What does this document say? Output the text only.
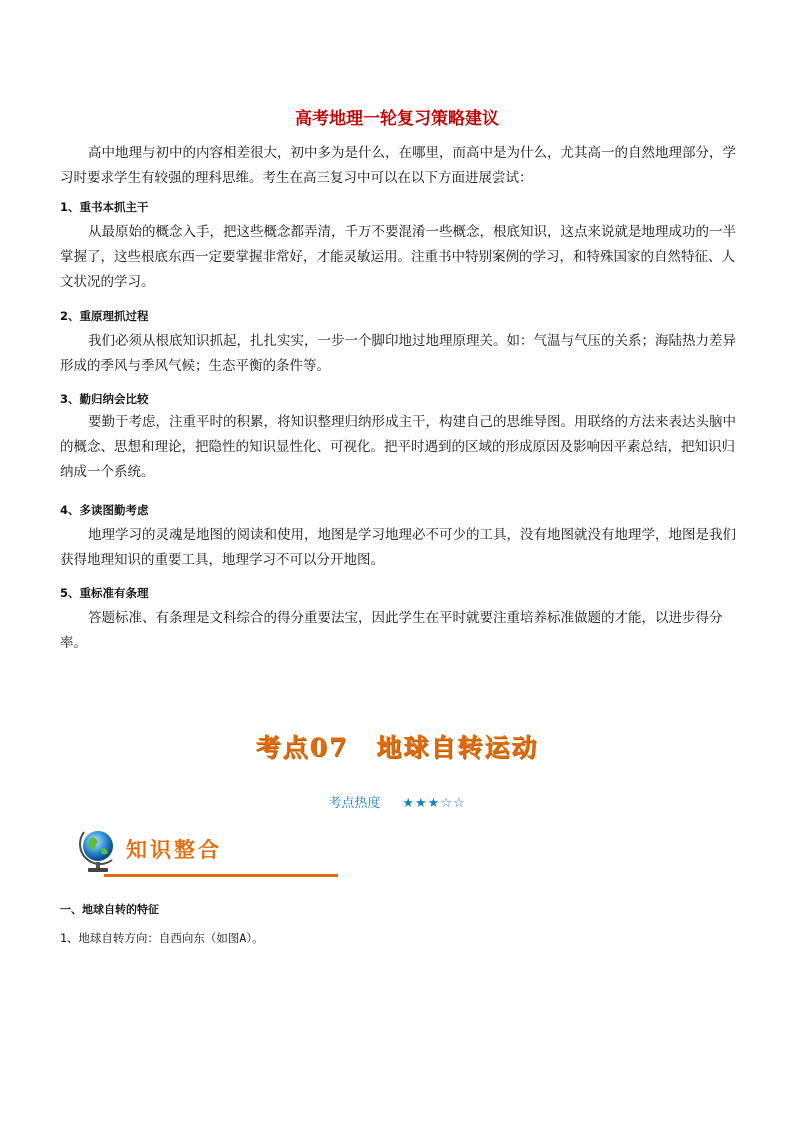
高考地理一轮复习策略建议
高中地理与初中的内容相差很大，初中多为是什么，在哪里，而高中是为什么，尤其高一的自然地理部分，学习时要求学生有较强的理科思维。考生在高三复习中可以在以下方面进展尝试：
1、重书本抓主干
从最原始的概念入手，把这些概念都弄清，千万不要混淆一些概念，根底知识，这点来说就是地理成功的一半掌握了，这些根底东西一定要掌握非常好，才能灵敏运用。注重书中特别案例的学习，和特殊国家的自然特征、人文状况的学习。
2、重原理抓过程
我们必须从根底知识抓起，扎扎实实，一步一个脚印地过地理原理关。如：气温与气压的关系；海陆热力差异形成的季风与季风气候；生态平衡的条件等。
3、勤归纳会比较
要勤于考虑，注重平时的积累，将知识整理归纳形成主干，构建自己的思维导图。用联络的方法来表达头脑中的概念、思想和理论，把隐性的知识显性化、可视化。把平时遇到的区域的形成原因及影响因平素总结，把知识归纳成一个系统。
4、多读图勤考虑
地理学习的灵魂是地图的阅读和使用，地图是学习地理必不可少的工具，没有地图就没有地理学，地图是我们获得地理知识的重要工具，地理学习不可以分开地图。
5、重标准有条理
答题标准、有条理是文科综合的得分重要法宝，因此学生在平时就要注重培养标准做题的才能，以进步得分率。
考点07 地球自转运动
考点热度 ★★★☆☆
知识整合
一、地球自转的特征
1、地球自转方向：自西向东（如图A）。
